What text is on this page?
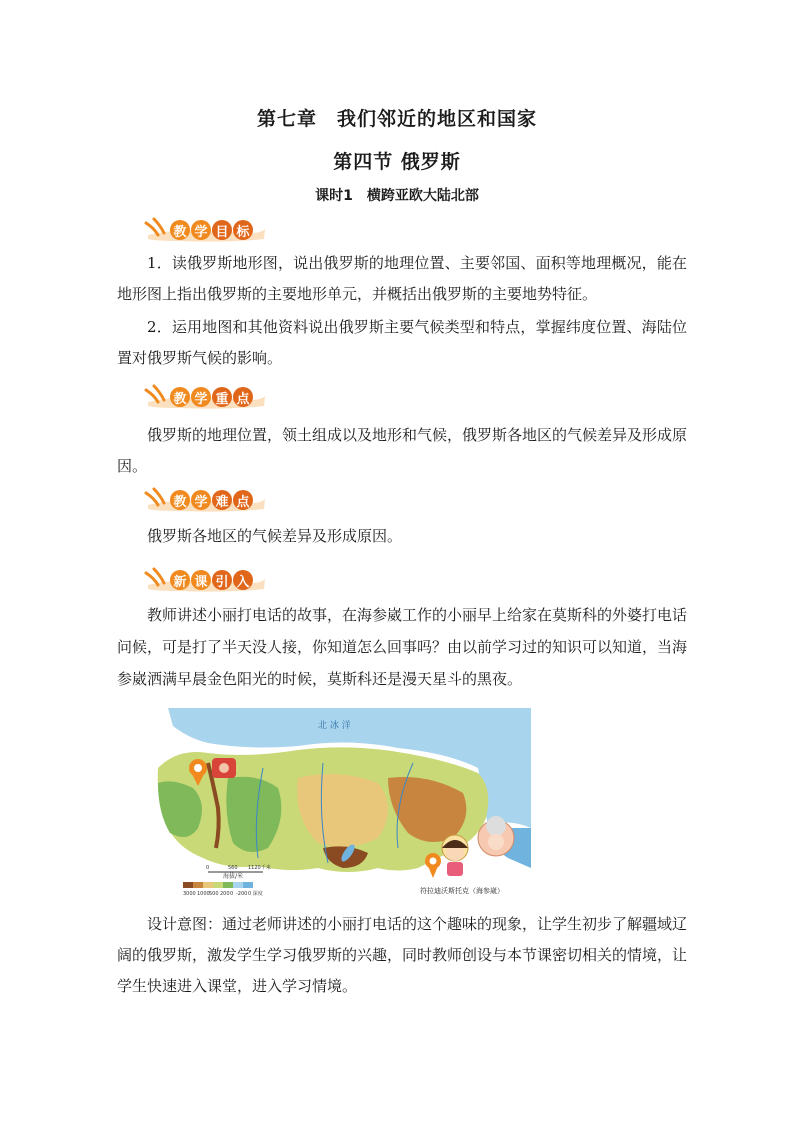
第七章　我们邻近的地区和国家
第四节 俄罗斯
课时1　横跨亚欧大陆北部
教 学 目 标

1．读俄罗斯地形图，说出俄罗斯的地理位置、主要邻国、面积等地理概况，能在地形图上指出俄罗斯的主要地形单元，并概括出俄罗斯的主要地势特征。

2．运用地图和其他资料说出俄罗斯主要气候类型和特点，掌握纬度位置、海陆位置对俄罗斯气候的影响。

教 学 重 点

俄罗斯的地理位置，领土组成以及地形和气候，俄罗斯各地区的气候差异及形成原因。

教 学 难 点

俄罗斯各地区的气候差异及形成原因。

新 课 引 入

教师讲述小丽打电话的故事，在海参崴工作的小丽早上给家在莫斯科的外婆打电话问候，可是打了半天没人接，你知道怎么回事吗？由以前学习过的知识可以知道，当海参崴洒满早晨金色阳光的时候，莫斯科还是漫天星斗的黑夜。

北 冰 洋
海拔/米
3000 1000 500 200 0 -200 0 深度
0	560 1120千米
符拉迪沃斯托克（海参崴）

设计意图：通过老师讲述的小丽打电话的这个趣味的现象，让学生初步了解疆域辽阔的俄罗斯，激发学生学习俄罗斯的兴趣，同时教师创设与本节课密切相关的情境，让学生快速进入课堂，进入学习情境。
